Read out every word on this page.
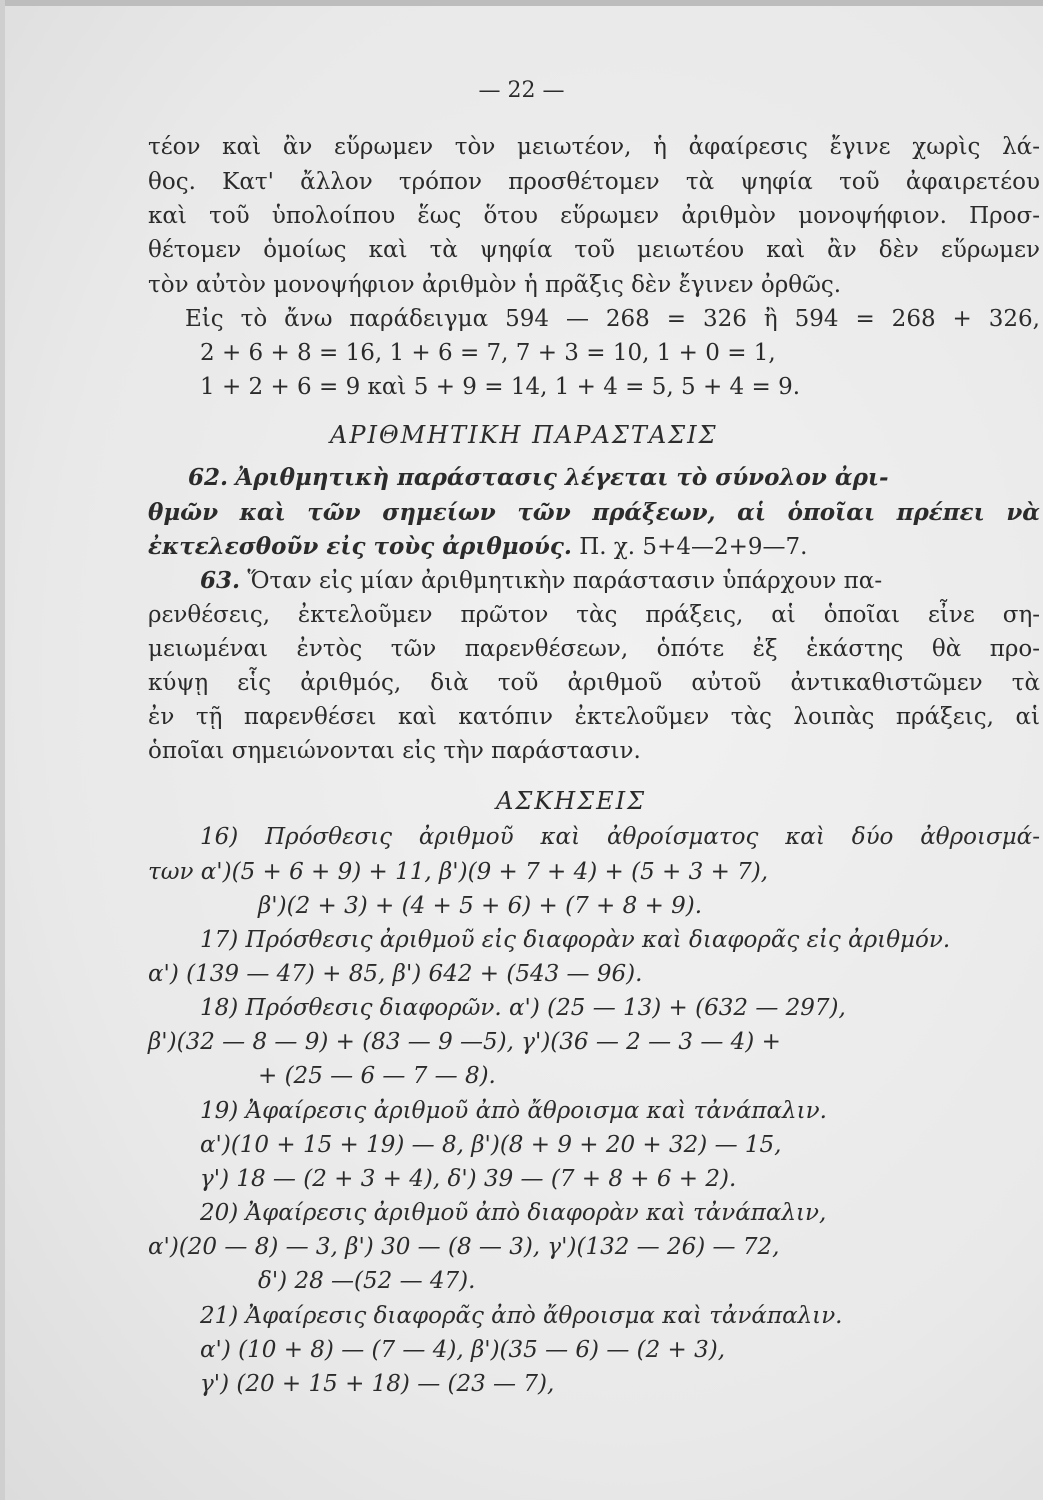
— 22 —
τέον καὶ ἂν εὕρωμεν τὸν μειωτέον, ἡ ἀφαίρεσις ἔγινε χωρὶς λά-
θος. Κατ' ἄλλον τρόπον προσθέτομεν τὰ ψηφία τοῦ ἀφαιρετέου
καὶ τοῦ ὑπολοίπου ἕως ὅτου εὕρωμεν ἀριθμὸν μονοψήφιον. Προσ-
θέτομεν ὁμοίως καὶ τὰ ψηφία τοῦ μειωτέου καὶ ἂν δὲν εὕρωμεν
τὸν αὐτὸν μονοψήφιον ἀριθμὸν ἡ πρᾶξις δὲν ἔγινεν ὀρθῶς.
Εἰς τὸ ἄνω παράδειγμα 594 — 268 = 326 ἢ 594 = 268 + 326,
2 + 6 + 8 = 16, 1 + 6 = 7, 7 + 3 = 10, 1 + 0 = 1,
1 + 2 + 6 = 9 καὶ 5 + 9 = 14, 1 + 4 = 5, 5 + 4 = 9.
ΑΡΙΘΜΗΤΙΚΗ ΠΑΡΑΣΤΑΣΙΣ
62. Ἀριθμητικὴ παράστασις λέγεται τὸ σύνολον ἀρι-
θμῶν καὶ τῶν σημείων τῶν πράξεων, αἱ ὁποῖαι πρέπει νὰ
ἐκτελεσθοῦν εἰς τοὺς ἀριθμούς. Π. χ. 5+4—2+9—7.
63. Ὅταν εἰς μίαν ἀριθμητικὴν παράστασιν ὑπάρχουν πα-
ρενθέσεις, ἐκτελοῦμεν πρῶτον τὰς πράξεις, αἱ ὁποῖαι εἶνε ση-
μειωμέναι ἐντὸς τῶν παρενθέσεων, ὁπότε ἐξ ἑκάστης θὰ προ-
κύψῃ εἷς ἀριθμός, διὰ τοῦ ἀριθμοῦ αὐτοῦ ἀντικαθιστῶμεν τὰ
ἐν τῇ παρενθέσει καὶ κατόπιν ἐκτελοῦμεν τὰς λοιπὰς πράξεις, αἱ
ὁποῖαι σημειώνονται εἰς τὴν παράστασιν.
ΑΣΚΗΣΕΙΣ
16) Πρόσθεσις ἀριθμοῦ καὶ ἀθροίσματος καὶ δύο ἀθροισμά-
των α')(5 + 6 + 9) + 11, β')(9 + 7 + 4) + (5 + 3 + 7),
β')(2 + 3) + (4 + 5 + 6) + (7 + 8 + 9).
17) Πρόσθεσις ἀριθμοῦ εἰς διαφορὰν καὶ διαφορᾶς εἰς ἀριθμόν.
α') (139 — 47) + 85, β') 642 + (543 — 96).
18) Πρόσθεσις διαφορῶν. α') (25 — 13) + (632 — 297),
β')(32 — 8 — 9) + (83 — 9 —5), γ')(36 — 2 — 3 — 4) +
+ (25 — 6 — 7 — 8).
19) Ἀφαίρεσις ἀριθμοῦ ἀπὸ ἄθροισμα καὶ τἀνάπαλιν.
α')(10 + 15 + 19) — 8, β')(8 + 9 + 20 + 32) — 15,
γ') 18 — (2 + 3 + 4), δ') 39 — (7 + 8 + 6 + 2).
20) Ἀφαίρεσις ἀριθμοῦ ἀπὸ διαφορὰν καὶ τἀνάπαλιν,
α')(20 — 8) — 3, β') 30 — (8 — 3), γ')(132 — 26) — 72,
δ') 28 —(52 — 47).
21) Ἀφαίρεσις διαφορᾶς ἀπὸ ἄθροισμα καὶ τἀνάπαλιν.
α') (10 + 8) — (7 — 4), β')(35 — 6) — (2 + 3),
γ') (20 + 15 + 18) — (23 — 7),
